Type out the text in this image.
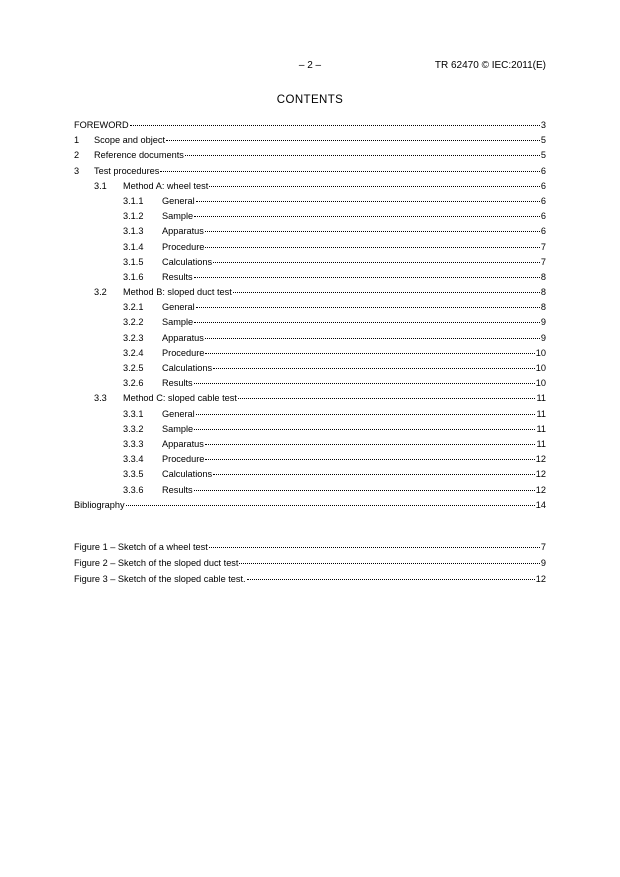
– 2 –	TR 62470 © IEC:2011(E)
CONTENTS
FOREWORD	3
1	Scope and object	5
2	Reference documents	5
3	Test procedures	6
3.1	Method A: wheel test	6
3.1.1	General	6
3.1.2	Sample	6
3.1.3	Apparatus	6
3.1.4	Procedure	7
3.1.5	Calculations	7
3.1.6	Results	8
3.2	Method B: sloped duct test	8
3.2.1	General	8
3.2.2	Sample	9
3.2.3	Apparatus	9
3.2.4	Procedure	10
3.2.5	Calculations	10
3.2.6	Results	10
3.3	Method C: sloped cable test	11
3.3.1	General	11
3.3.2	Sample	11
3.3.3	Apparatus	11
3.3.4	Procedure	12
3.3.5	Calculations	12
3.3.6	Results	12
Bibliography	14
Figure 1 – Sketch of a wheel test	7
Figure 2 – Sketch of the sloped duct test	9
Figure 3 – Sketch of the sloped cable test.	12
